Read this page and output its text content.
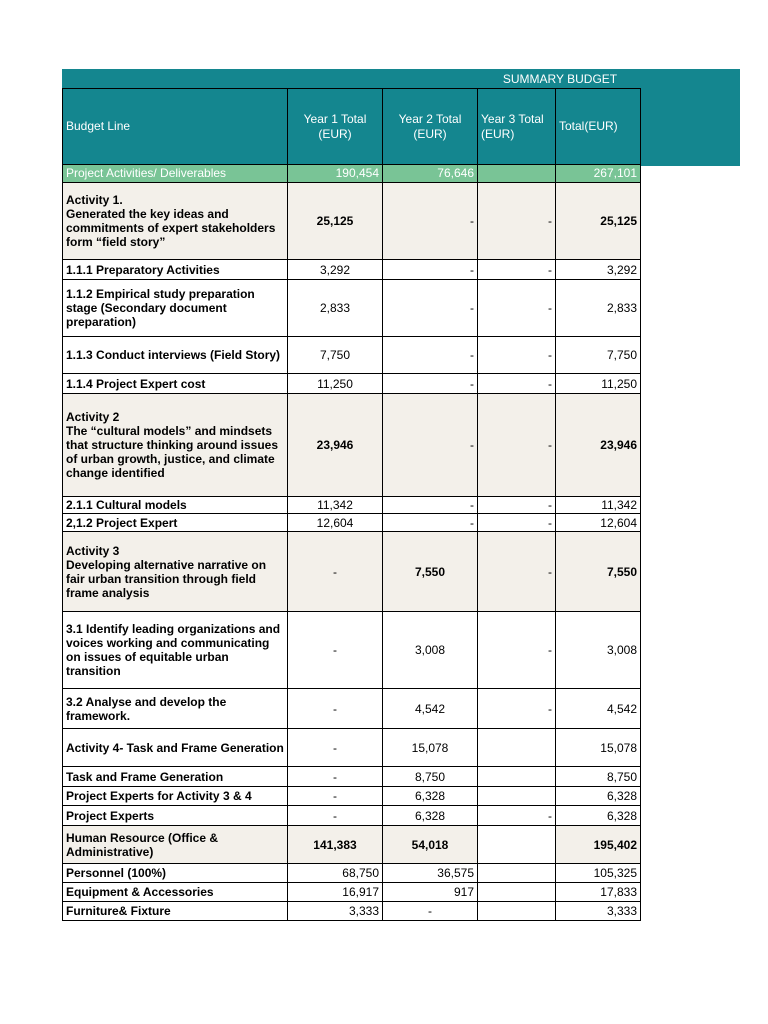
SUMMARY BUDGET
Budget Line	Year 1 Total (EUR)	Year 2 Total (EUR)	Year 3 Total (EUR)	Total(EUR)
Project Activities/ Deliverables	190,454	76,646		267,101
Activity 1.
Generated the key ideas and commitments of expert stakeholders form “field story”	25,125	-	-	25,125
1.1.1 Preparatory Activities	3,292	-	-	3,292
1.1.2 Empirical study preparation stage (Secondary document preparation)	2,833	-	-	2,833
1.1.3 Conduct interviews (Field Story)	7,750	-	-	7,750
1.1.4 Project Expert cost	11,250	-	-	11,250
Activity 2
The “cultural models” and mindsets that structure thinking around issues of urban growth, justice, and climate change identified	23,946	-	-	23,946
2.1.1 Cultural models	11,342	-	-	11,342
2,1.2 Project Expert	12,604	-	-	12,604
Activity 3
Developing alternative narrative on fair urban transition through field frame analysis	-	7,550	-	7,550
3.1 Identify leading organizations and voices working and communicating on issues of equitable urban transition	-	3,008	-	3,008
3.2 Analyse and develop the framework.	-	4,542	-	4,542
Activity 4- Task and Frame Generation	-	15,078		15,078
Task and Frame Generation	-	8,750		8,750
Project Experts for Activity 3 & 4	-	6,328		6,328
Project Experts	-	6,328	-	6,328
Human Resource (Office & Administrative)	141,383	54,018		195,402
Personnel (100%)	68,750	36,575		105,325
Equipment & Accessories	16,917	917		17,833
Furniture& Fixture	3,333	-		3,333
